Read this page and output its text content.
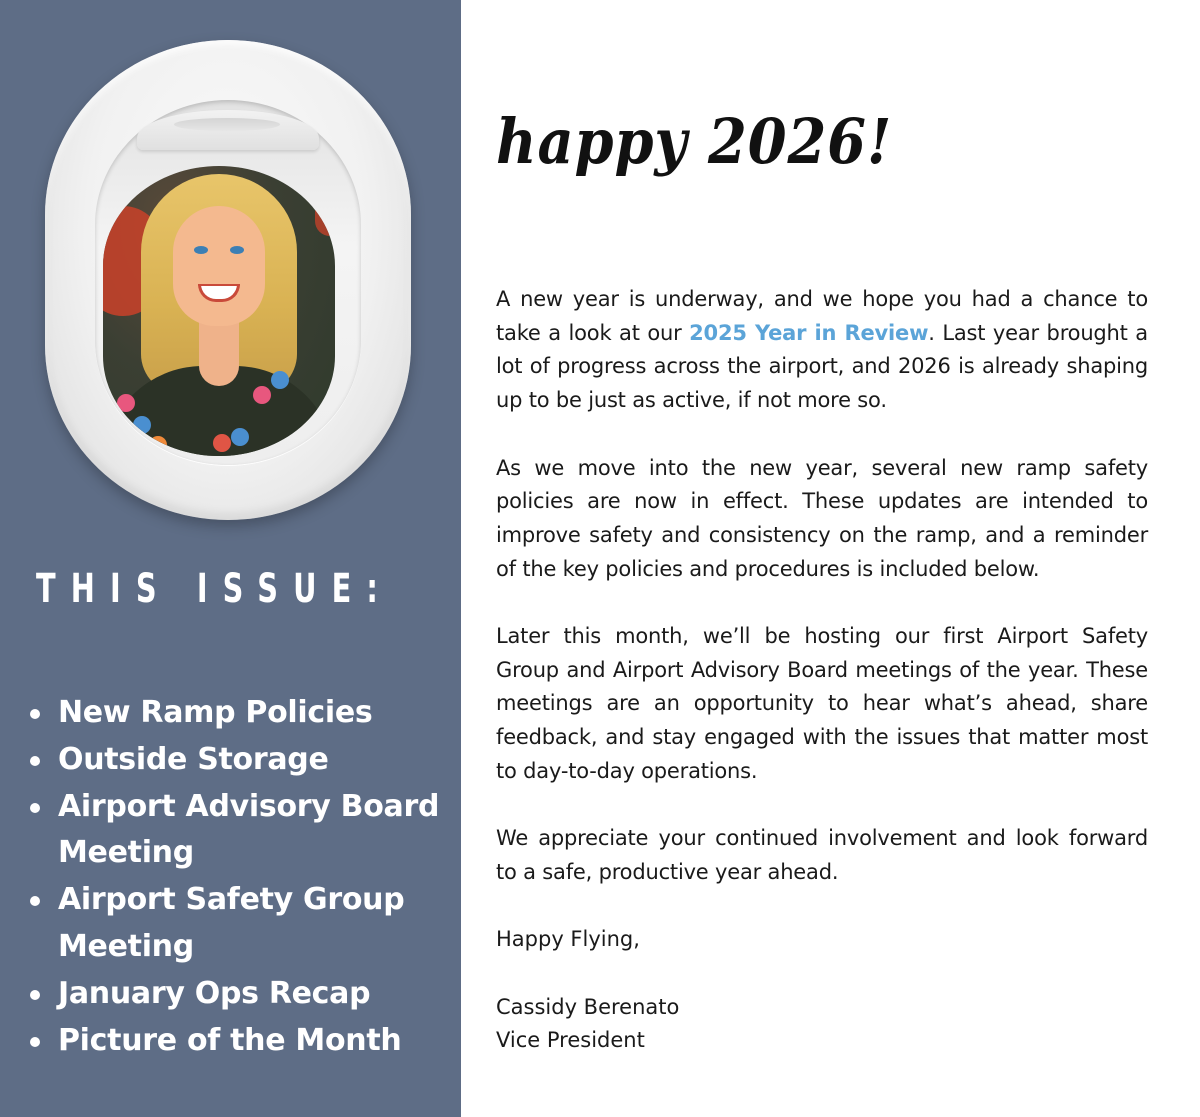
THIS ISSUE:
New Ramp Policies
Outside Storage
Airport Advisory Board Meeting
Airport Safety Group Meeting
January Ops Recap
Picture of the Month
happy 2026!

A new year is underway, and we hope you had a chance to take a look at our 2025 Year in Review. Last year brought a lot of progress across the airport, and 2026 is already shaping up to be just as active, if not more so.

As we move into the new year, several new ramp safety policies are now in effect. These updates are intended to improve safety and consistency on the ramp, and a reminder of the key policies and procedures is included below.

Later this month, we’ll be hosting our first Airport Safety Group and Airport Advisory Board meetings of the year. These meetings are an opportunity to hear what’s ahead, share feedback, and stay engaged with the issues that matter most to day-to-day operations.

We appreciate your continued involvement and look forward to a safe, productive year ahead.

Happy Flying,
Cassidy Berenato
Vice President
